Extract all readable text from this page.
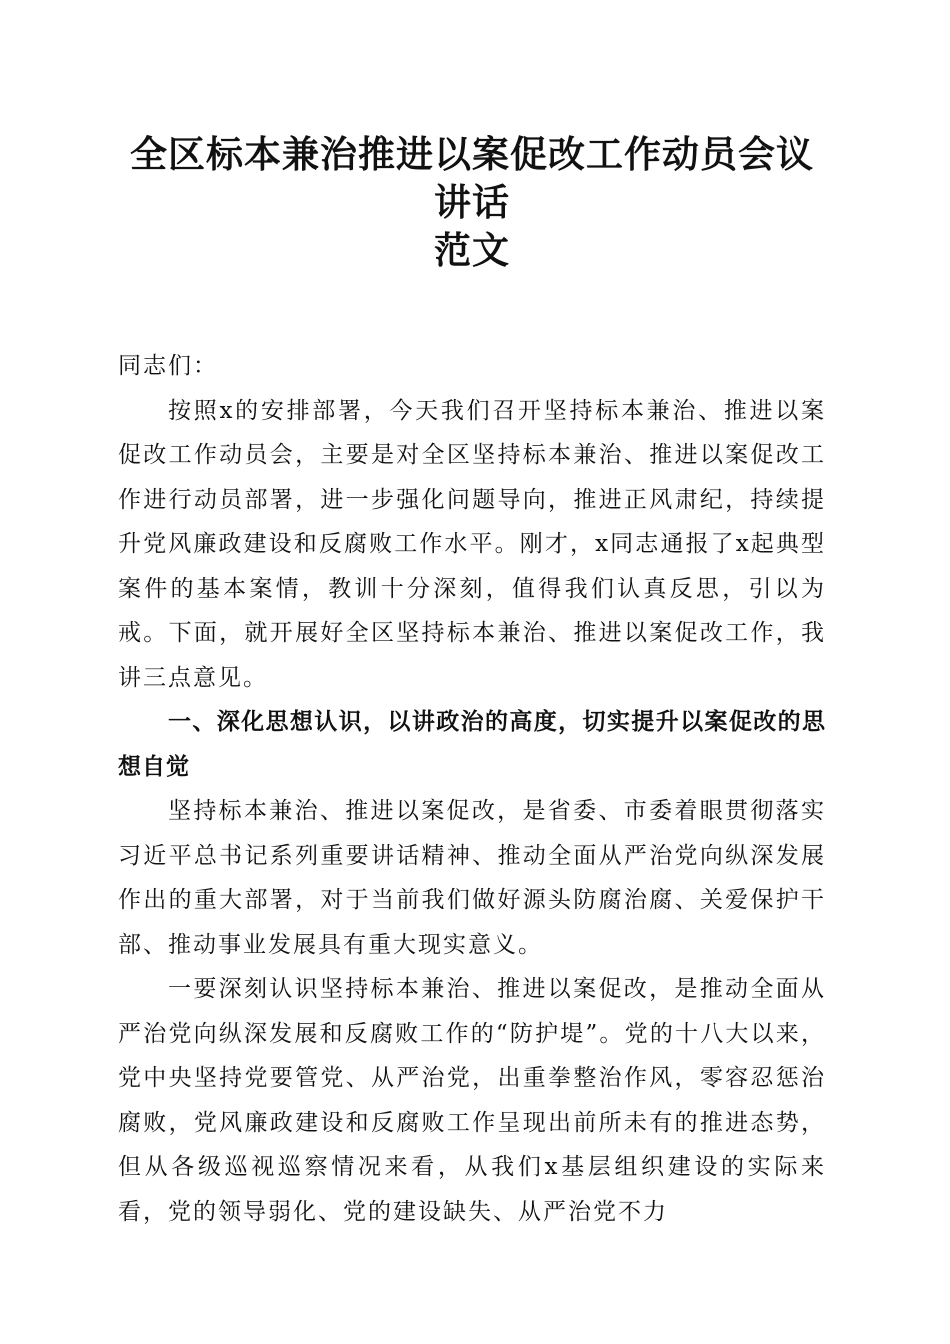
全区标本兼治推进以案促改工作动员会议讲话
范文

同志们：

按照x的安排部署，今天我们召开坚持标本兼治、推进以案促改工作动员会，主要是对全区坚持标本兼治、推进以案促改工作进行动员部署，进一步强化问题导向，推进正风肃纪，持续提升党风廉政建设和反腐败工作水平。刚才，x同志通报了x起典型案件的基本案情，教训十分深刻，值得我们认真反思，引以为戒。下面，就开展好全区坚持标本兼治、推进以案促改工作，我讲三点意见。

一、深化思想认识，以讲政治的高度，切实提升以案促改的思想自觉

坚持标本兼治、推进以案促改，是省委、市委着眼贯彻落实习近平总书记系列重要讲话精神、推动全面从严治党向纵深发展作出的重大部署，对于当前我们做好源头防腐治腐、关爱保护干部、推动事业发展具有重大现实意义。

一要深刻认识坚持标本兼治、推进以案促改，是推动全面从严治党向纵深发展和反腐败工作的“防护堤”。党的十八大以来，党中央坚持党要管党、从严治党，出重拳整治作风，零容忍惩治腐败，党风廉政建设和反腐败工作呈现出前所未有的推进态势，但从各级巡视巡察情况来看，从我们x基层组织建设的实际来看，党的领导弱化、党的建设缺失、从严治党不力
